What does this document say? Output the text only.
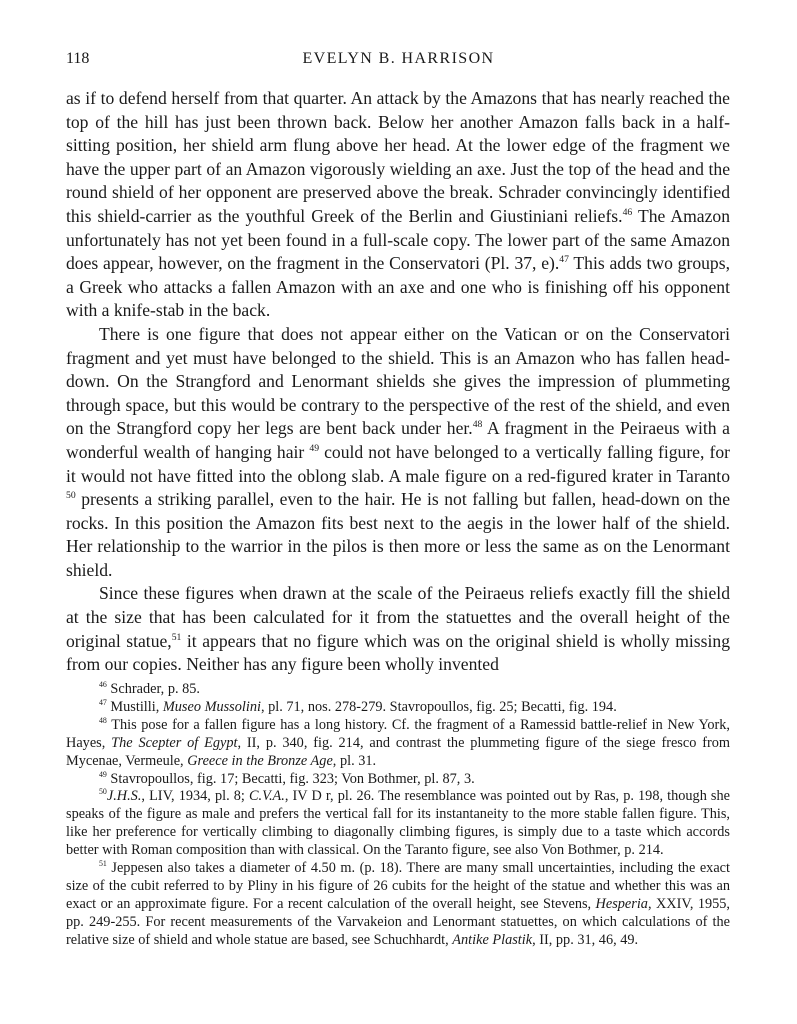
118	EVELYN B. HARRISON

as if to defend herself from that quarter. An attack by the Amazons that has nearly reached the top of the hill has just been thrown back. Below her another Amazon falls back in a half-sitting position, her shield arm flung above her head. At the lower edge of the fragment we have the upper part of an Amazon vigorously wielding an axe. Just the top of the head and the round shield of her opponent are preserved above the break. Schrader convincingly identified this shield-carrier as the youthful Greek of the Berlin and Giustiniani reliefs.$^{46}$ The Amazon unfortunately has not yet been found in a full-scale copy. The lower part of the same Amazon does appear, however, on the fragment in the Conservatori (Pl. 37, e).$^{47}$ This adds two groups, a Greek who attacks a fallen Amazon with an axe and one who is finishing off his opponent with a knife-stab in the back.

There is one figure that does not appear either on the Vatican or on the Conservatori fragment and yet must have belonged to the shield. This is an Amazon who has fallen head-down. On the Strangford and Lenormant shields she gives the impression of plummeting through space, but this would be contrary to the perspective of the rest of the shield, and even on the Strangford copy her legs are bent back under her.$^{48}$ A fragment in the Peiraeus with a wonderful wealth of hanging hair $^{49}$ could not have belonged to a vertically falling figure, for it would not have fitted into the oblong slab. A male figure on a red-figured krater in Taranto $^{50}$ presents a striking parallel, even to the hair. He is not falling but fallen, head-down on the rocks. In this position the Amazon fits best next to the aegis in the lower half of the shield. Her relationship to the warrior in the pilos is then more or less the same as on the Lenormant shield.

Since these figures when drawn at the scale of the Peiraeus reliefs exactly fill the shield at the size that has been calculated for it from the statuettes and the overall height of the original statue,$^{51}$ it appears that no figure which was on the original shield is wholly missing from our copies. Neither has any figure been wholly invented

$^{46}$ Schrader, p. 85.

$^{47}$ Mustilli, Museo Mussolini, pl. 71, nos. 278-279. Stavropoullos, fig. 25; Becatti, fig. 194.

$^{48}$ This pose for a fallen figure has a long history. Cf. the fragment of a Ramessid battle-relief in New York, Hayes, The Scepter of Egypt, II, p. 340, fig. 214, and contrast the plummeting figure of the siege fresco from Mycenae, Vermeule, Greece in the Bronze Age, pl. 31.

$^{49}$ Stavropoullos, fig. 17; Becatti, fig. 323; Von Bothmer, pl. 87, 3.

$^{50}$J.H.S., LIV, 1934, pl. 8; C.V.A., IV D r, pl. 26. The resemblance was pointed out by Ras, p. 198, though she speaks of the figure as male and prefers the vertical fall for its instantaneity to the more stable fallen figure. This, like her preference for vertically climbing to diagonally climbing figures, is simply due to a taste which accords better with Roman composition than with classical. On the Taranto figure, see also Von Bothmer, p. 214.

$^{51}$ Jeppesen also takes a diameter of 4.50 m. (p. 18). There are many small uncertainties, including the exact size of the cubit referred to by Pliny in his figure of 26 cubits for the height of the statue and whether this was an exact or an approximate figure. For a recent calculation of the overall height, see Stevens, Hesperia, XXIV, 1955, pp. 249-255. For recent measurements of the Varvakeion and Lenormant statuettes, on which calculations of the relative size of shield and whole statue are based, see Schuchhardt, Antike Plastik, II, pp. 31, 46, 49.
